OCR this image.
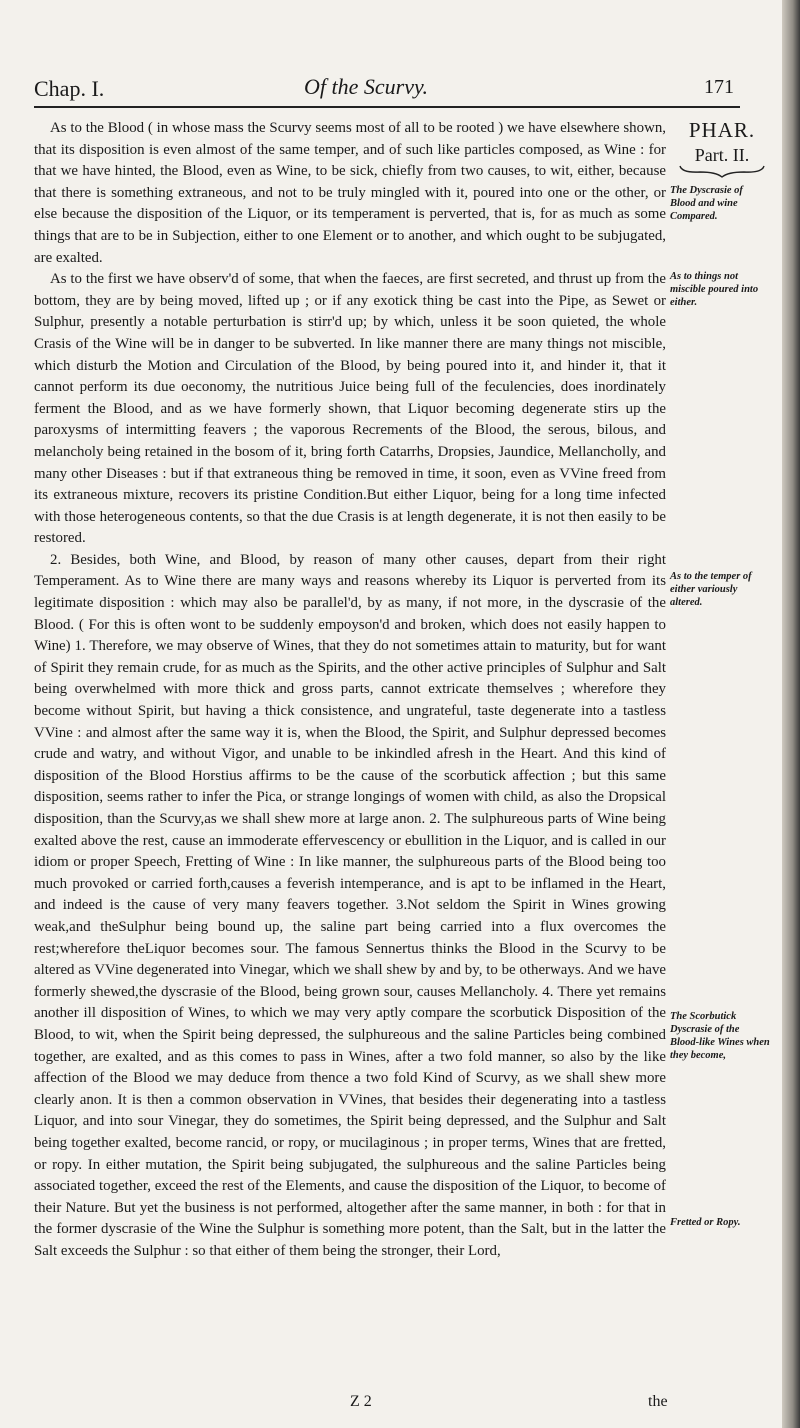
Chap. I.	Of the Scurvy.	171

As to the Blood ( in whose mass the Scurvy seems most of all to be rooted ) we have elsewhere shown, that its disposition is even almost of the same temper, and of such like particles composed, as Wine : for that we have hinted, the Blood, even as Wine, to be sick, chiefly from two causes, to wit, either, because that there is something extraneous, and not to be truly mingled with it, poured into one or the other, or else because the disposition of the Liquor, or its temperament is perverted, that is, for as much as some things that are to be in Subjection, either to one Element or to another, and which ought to be subjugated, are exalted.

As to the first we have observ'd of some, that when the faeces, are first secreted, and thrust up from the bottom, they are by being moved, lifted up ; or if any exotick thing be cast into the Pipe, as Sewet or Sulphur, presently a notable perturbation is stirr'd up; by which, unless it be soon quieted, the whole Crasis of the Wine will be in danger to be subverted. In like manner there are many things not miscible, which disturb the Motion and Circulation of the Blood, by being poured into it, and hinder it, that it cannot perform its due oeconomy, the nutritious Juice being full of the feculencies, does inordinately ferment the Blood, and as we have formerly shown, that Liquor becoming degenerate stirs up the paroxysms of intermitting feavers ; the vaporous Recrements of the Blood, the serous, bilous, and melancholy being retained in the bosom of it, bring forth Catarrhs, Dropsies, Jaundice, Mellancholly, and many other Diseases : but if that extraneous thing be removed in time, it soon, even as VVine freed from its extraneous mixture, recovers its pristine Condition.But either Liquor, being for a long time infected with those heterogeneous contents, so that the due Crasis is at length degenerate, it is not then easily to be restored.

2. Besides, both Wine, and Blood, by reason of many other causes, depart from their right Temperament. As to Wine there are many ways and reasons whereby its Liquor is perverted from its legitimate disposition : which may also be parallel'd, by as many, if not more, in the dyscrasie of the Blood. ( For this is often wont to be suddenly empoyson'd and broken, which does not easily happen to Wine) 1. Therefore, we may observe of Wines, that they do not sometimes attain to maturity, but for want of Spirit they remain crude, for as much as the Spirits, and the other active principles of Sulphur and Salt being overwhelmed with more thick and gross parts, cannot extricate themselves ; wherefore they become without Spirit, but having a thick consistence, and ungrateful, taste degenerate into a tastless VVine : and almost after the same way it is, when the Blood, the Spirit, and Sulphur depressed becomes crude and watry, and without Vigor, and unable to be inkindled afresh in the Heart. And this kind of disposition of the Blood Horstius affirms to be the cause of the scorbutick affection ; but this same disposition, seems rather to infer the Pica, or strange longings of women with child, as also the Dropsical disposition, than the Scurvy,as we shall shew more at large anon. 2. The sulphureous parts of Wine being exalted above the rest, cause an immoderate effervescency or ebullition in the Liquor, and is called in our idiom or proper Speech, Fretting of Wine : In like manner, the sulphureous parts of the Blood being too much provoked or carried forth,causes a feverish intemperance, and is apt to be inflamed in the Heart, and indeed is the cause of very many feavers together. 3.Not seldom the Spirit in Wines growing weak,and theSulphur being bound up, the saline part being carried into a flux overcomes the rest;wherefore theLiquor becomes sour. The famous Sennertus thinks the Blood in the Scurvy to be altered as VVine degenerated into Vinegar, which we shall shew by and by, to be otherways. And we have formerly shewed,the dyscrasie of the Blood, being grown sour, causes Mellancholy. 4. There yet remains another ill disposition of Wines, to which we may very aptly compare the scorbutick Disposition of the Blood, to wit, when the Spirit being depressed, the sulphureous and the saline Particles being combined together, are exalted, and as this comes to pass in Wines, after a two fold manner, so also by the like affection of the Blood we may deduce from thence a two fold Kind of Scurvy, as we shall shew more clearly anon. It is then a common observation in VVines, that besides their degenerating into a tastless Liquor, and into sour Vinegar, they do sometimes, the Spirit being depressed, and the Sulphur and Salt being together exalted, become rancid, or ropy, or mucilaginous ; in proper terms, Wines that are fretted, or ropy. In either mutation, the Spirit being subjugated, the sulphureous and the saline Particles being associated together, exceed the rest of the Elements, and cause the disposition of the Liquor, to become of their Nature. But yet the business is not performed, altogether after the same manner, in both : for that in the former dyscrasie of the Wine the Sulphur is something more potent, than the Salt, but in the latter the Salt exceeds the Sulphur : so that either of them being the stronger, their Lord,

PHAR.
Part. II.
The Dyscrasie of Blood and wine Compared.
As to things not miscible poured into either.
As to the temper of either variously altered.
The Scorbutick Dyscrasie of the Blood-like Wines when they become,
Fretted or Ropy.
Z 2	the
